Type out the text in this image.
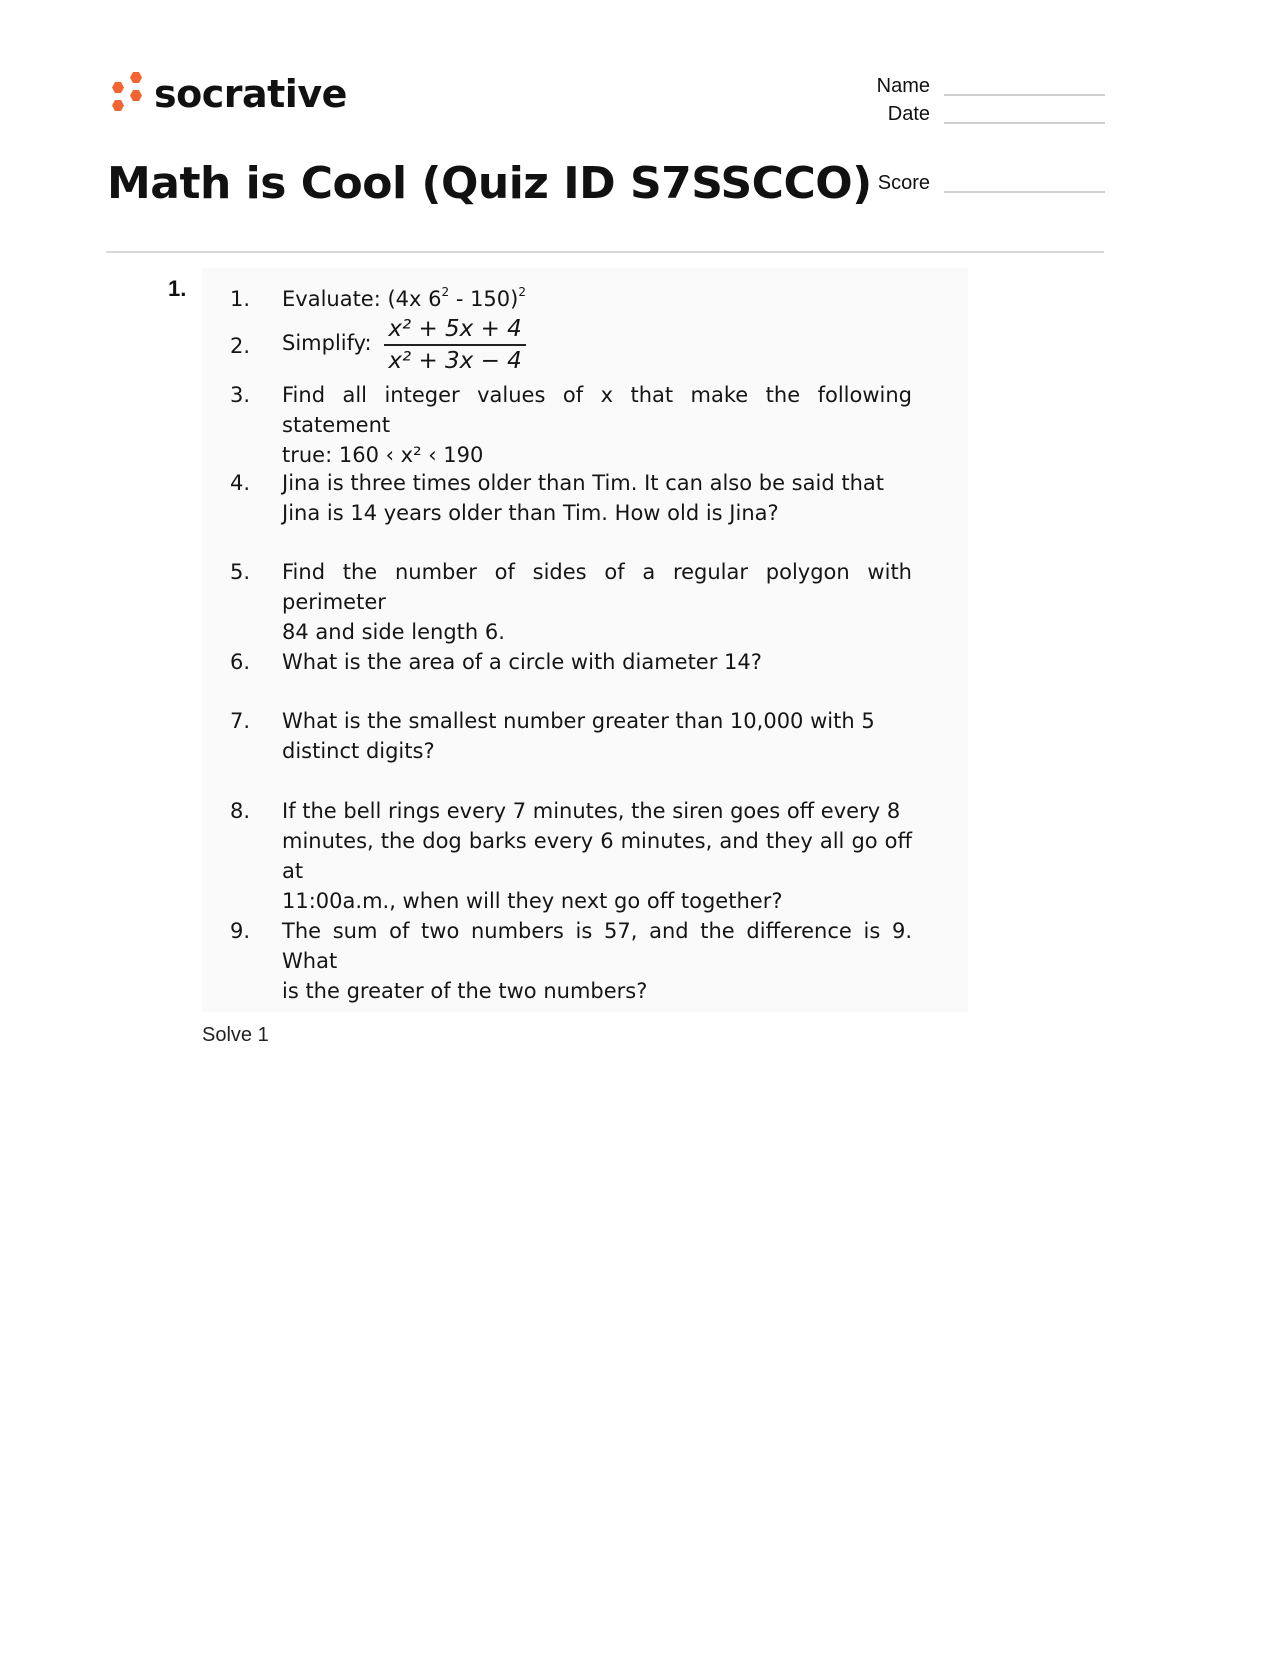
socrative	Name
Date
Score
Math is Cool (Quiz ID S7SSCCO)
1. 1. Evaluate: (4x $6^2 - 150)^2$
2. Simplify: $\frac{\text{x² + 5x + 4}}{\text{x² + 3x − 4}}$
3. Find all integer values of x that make the following statement
true: 160 ‹ x² ‹ 190
4. Jina is three times older than Tim. It can also be said that
Jina is 14 years older than Tim. How old is Jina?
5. Find the number of sides of a regular polygon with perimeter
84 and side length 6.
6. What is the area of a circle with diameter 14?
7. What is the smallest number greater than 10,000 with 5
distinct digits?
8. If the bell rings every 7 minutes, the siren goes off every 8
minutes, the dog barks every 6 minutes, and they all go off at
11:00a.m., when will they next go off together?
9. The sum of two numbers is 57, and the difference is 9. What
is the greater of the two numbers?
Solve 1
